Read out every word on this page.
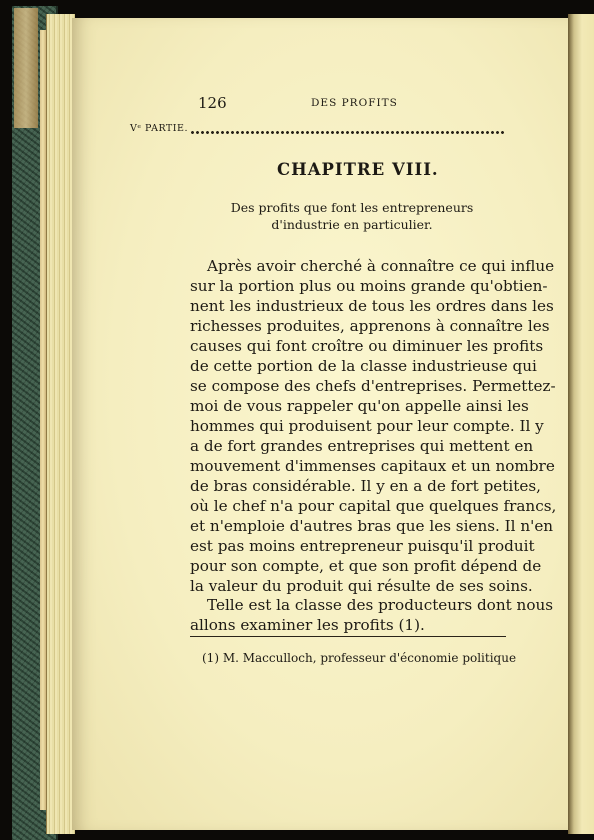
126	DES PROFITS
Vᵉ PARTIE.
CHAPITRE VIII.
Des profits que font les entrepreneurs d'industrie en particulier.
Après avoir cherché à connaître ce qui influe
sur la portion plus ou moins grande qu'obtien-
nent les industrieux de tous les ordres dans les
richesses produites, apprenons à connaître les
causes qui font croître ou diminuer les profits
de cette portion de la classe industrieuse qui
se compose des chefs d'entreprises. Permettez-
moi de vous rappeler qu'on appelle ainsi les
hommes qui produisent pour leur compte. Il y
a de fort grandes entreprises qui mettent en
mouvement d'immenses capitaux et un nombre
de bras considérable. Il y en a de fort petites,
où le chef n'a pour capital que quelques francs,
et n'emploie d'autres bras que les siens. Il n'en
est pas moins entrepreneur puisqu'il produit
pour son compte, et que son profit dépend de
la valeur du produit qui résulte de ses soins.
Telle est la classe des producteurs dont nous
allons examiner les profits (1).
(1) M. Macculloch, professeur d'économie politique
